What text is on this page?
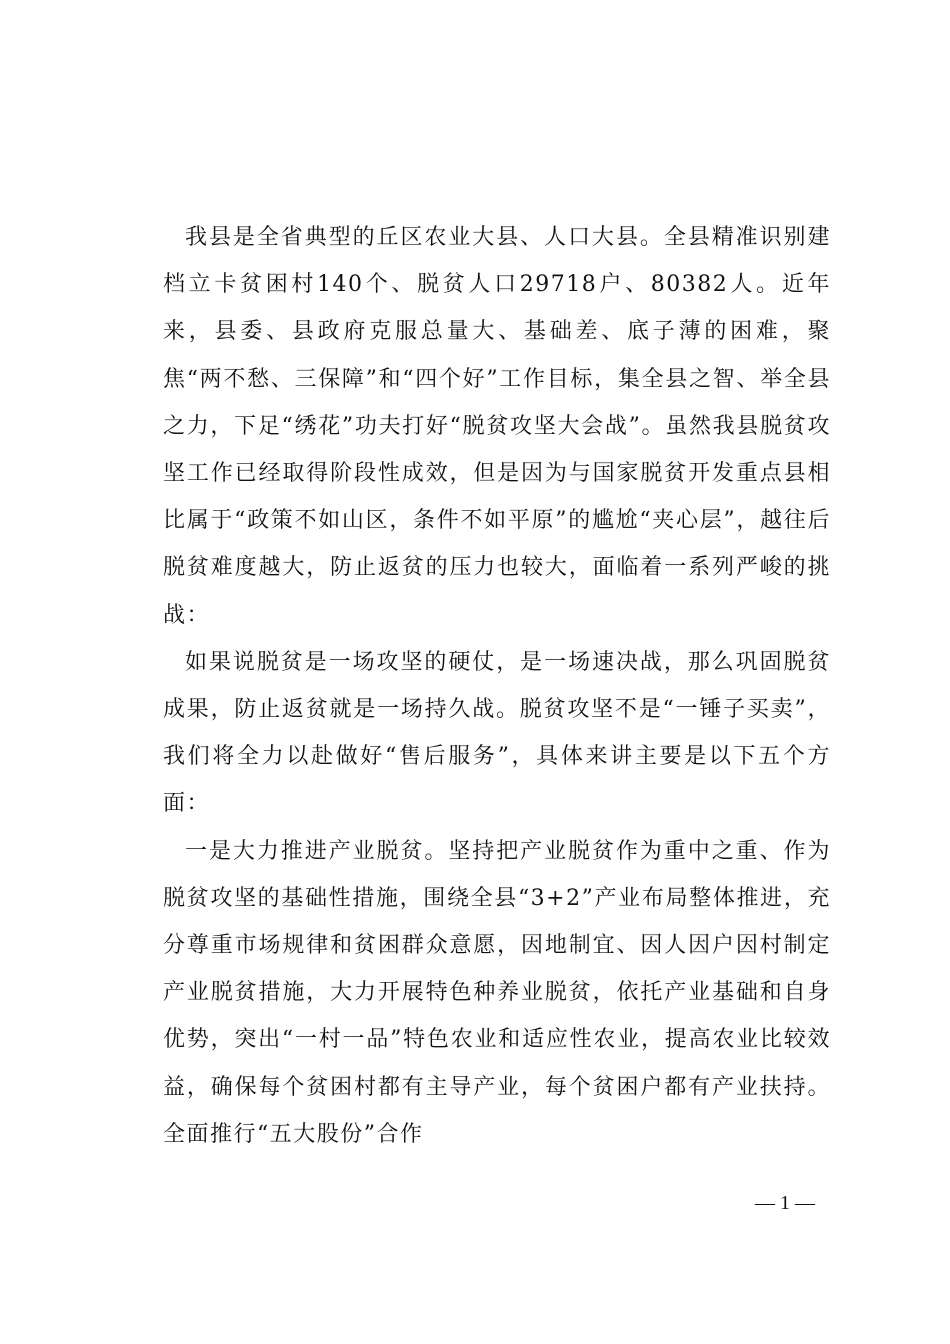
我县是全省典型的丘区农业大县、人口大县。全县精准识别建档立卡贫困村140个、脱贫人口29718户、80382人。近年来，县委、县政府克服总量大、基础差、底子薄的困难，聚焦“两不愁、三保障”和“四个好”工作目标，集全县之智、举全县之力，下足“绣花”功夫打好“脱贫攻坚大会战”。虽然我县脱贫攻坚工作已经取得阶段性成效，但是因为与国家脱贫开发重点县相比属于“政策不如山区，条件不如平原”的尴尬“夹心层”，越往后脱贫难度越大，防止返贫的压力也较大，面临着一系列严峻的挑战：

如果说脱贫是一场攻坚的硬仗，是一场速决战，那么巩固脱贫成果，防止返贫就是一场持久战。脱贫攻坚不是“一锤子买卖”，我们将全力以赴做好“售后服务”，具体来讲主要是以下五个方面：

一是大力推进产业脱贫。坚持把产业脱贫作为重中之重、作为脱贫攻坚的基础性措施，围绕全县“3+2”产业布局整体推进，充分尊重市场规律和贫困群众意愿，因地制宜、因人因户因村制定产业脱贫措施，大力开展特色种养业脱贫，依托产业基础和自身优势，突出“一村一品”特色农业和适应性农业，提高农业比较效益，确保每个贫困村都有主导产业，每个贫困户都有产业扶持。全面推行“五大股份”合作

— 1 —
